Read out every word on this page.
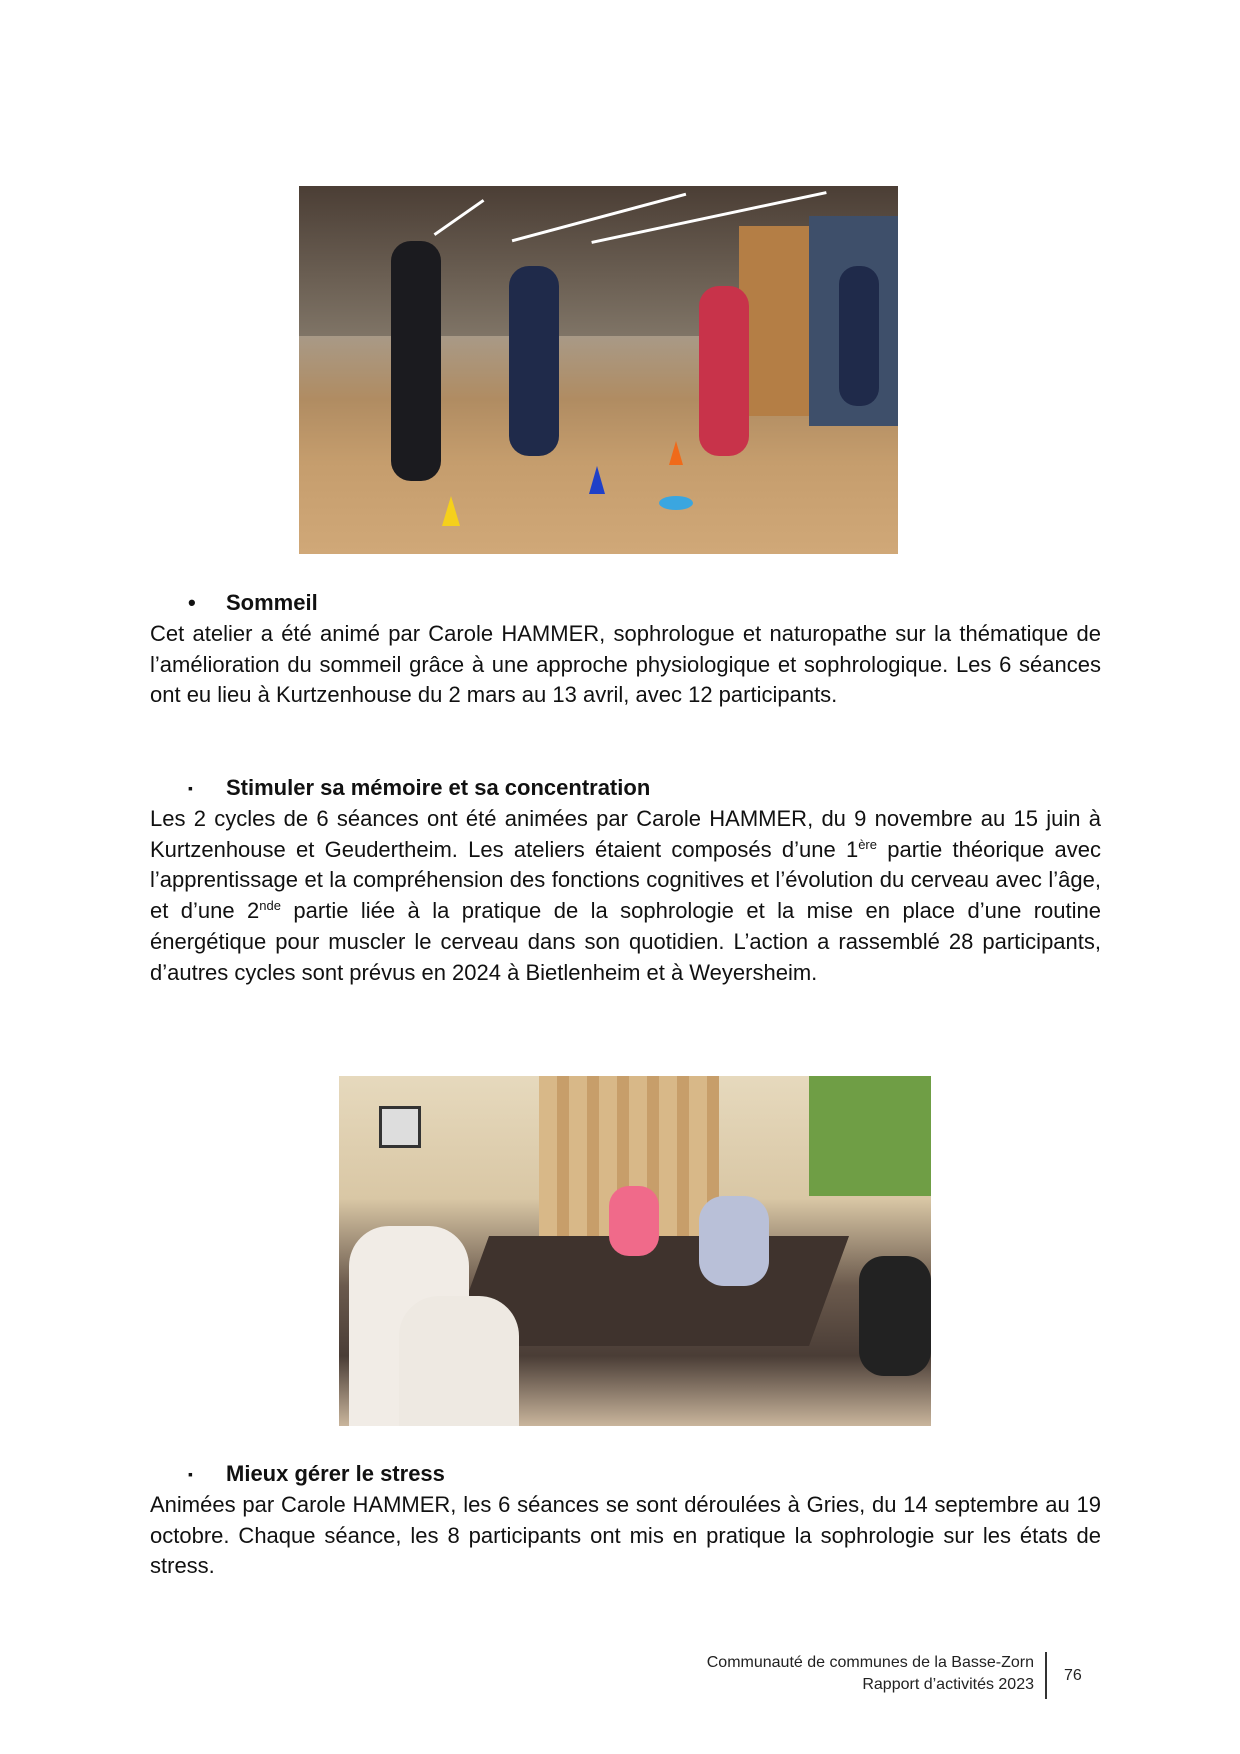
•	Sommeil
Cet atelier a été animé par Carole HAMMER, sophrologue et naturopathe sur la thématique de l’amélioration du sommeil grâce à une approche physiologique et sophrologique. Les 6 séances ont eu lieu à Kurtzenhouse du 2 mars au 13 avril, avec 12 participants.
▪	Stimuler sa mémoire et sa concentration
Les 2 cycles de 6 séances ont été animées par Carole HAMMER, du 9 novembre au 15 juin à Kurtzenhouse et Geudertheim. Les ateliers étaient composés d’une 1ère partie théorique avec l’apprentissage et la compréhension des fonctions cognitives et l’évolution du cerveau avec l’âge, et d’une 2nde partie liée à la pratique de la sophrologie et la mise en place d’une routine énergétique pour muscler le cerveau dans son quotidien. L’action a rassemblé 28 participants, d’autres cycles sont prévus en 2024 à Bietlenheim et à Weyersheim.
▪	Mieux gérer le stress
Animées par Carole HAMMER, les 6 séances se sont déroulées à Gries, du 14 septembre au 19 octobre. Chaque séance, les 8 participants ont mis en pratique la sophrologie sur les états de stress.
Communauté de communes de la Basse-Zorn
Rapport d’activités 2023
76
